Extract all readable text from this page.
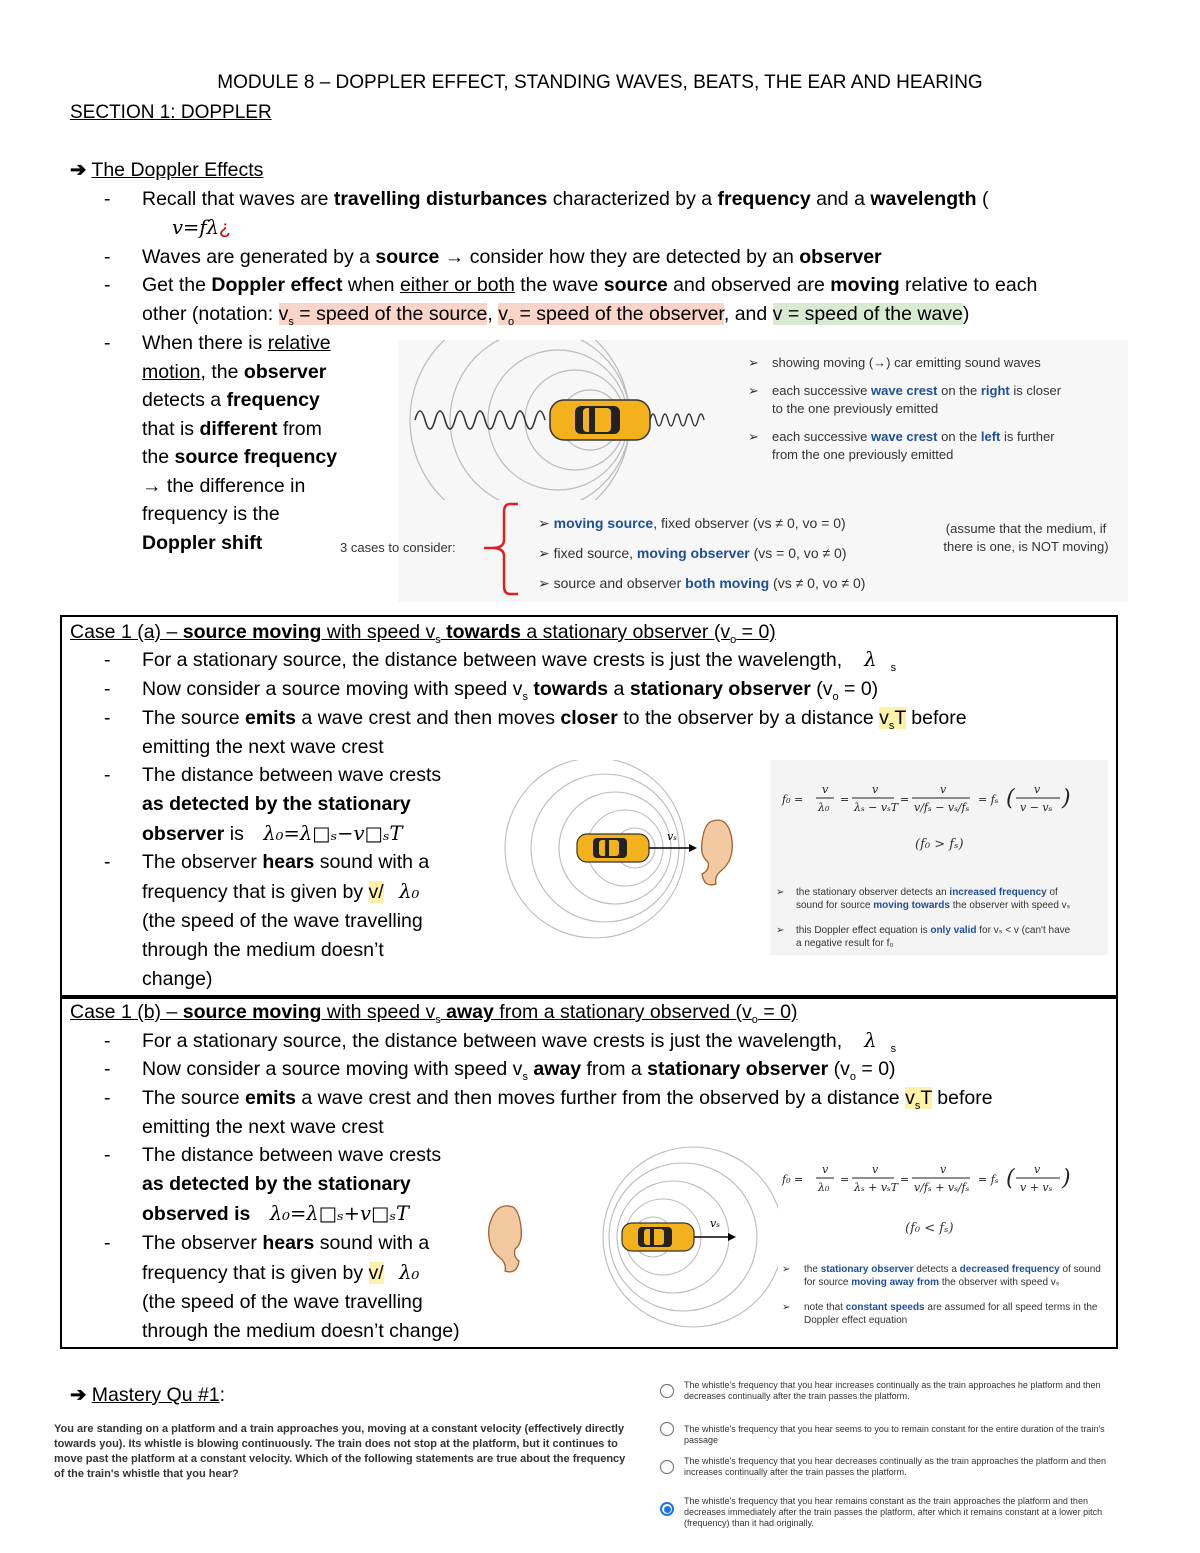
MODULE 8 – DOPPLER EFFECT, STANDING WAVES, BEATS, THE EAR AND HEARING
SECTION 1: DOPPLER
➔ The Doppler Effects
- Recall that waves are travelling disturbances characterized by a frequency and a wavelength (
v=fλ¿
- Waves are generated by a source → consider how they are detected by an observer
- Get the Doppler effect when either or both the wave source and observed are moving relative to each
other (notation: $v_s$ = speed of the source, $v_o$ = speed of the observer, and v = speed of the wave)
- When there is relative
motion, the observer
detects a frequency
that is different from
the source frequency
→ the difference in
frequency is the
Doppler shift
➢ showing moving (→) car emitting sound waves
➢ each successive wave crest on the right is closer
to the one previously emitted
➢ each successive wave crest on the left is further
from the one previously emitted
3 cases to consider:
➢ moving source, fixed observer (vs ≠ 0, vo = 0)
➢ fixed source, moving observer (vs = 0, vo ≠ 0)
➢ source and observer both moving (vs ≠ 0, vo ≠ 0)
(assume that the medium, if
there is one, is NOT moving)
Case 1 (a) – source moving with speed $v_s$ towards a stationary observer $(v_o = 0)$
- For a stationary source, the distance between wave crests is just the wavelength, λ $_s$
- Now consider a source moving with speed $v_s$ towards a stationary observer $(v_o = 0)$
- The source emits a wave crest and then moves closer to the observer by a distance $v_sT$ before
emitting the next wave crest
- The distance between wave crests
as detected by the stationary
observer is λ₀=λ□ₛ−v□ₛT
- The observer hears sound with a
frequency that is given by v/ λ₀
(the speed of the wave travelling
through the medium doesn’t
change)
vₛ
f₀ =
v
λ₀
=
v
λₛ − vₛT
=
v
v/fₛ − vₛ/fₛ
= fₛ ( v
v − vₛ )
(f₀ > fₛ)
➢ the stationary observer detects an increased frequency of
sound for source moving towards the observer with speed vₛ
➢ this Doppler effect equation is only valid for vₛ < v (can't have
a negative result for f₀
Case 1 (b) – source moving with speed $v_s$ away from a stationary observed $(v_o = 0)$
- For a stationary source, the distance between wave crests is just the wavelength, λ $_s$
- Now consider a source moving with speed $v_s$ away from a stationary observer $(v_o = 0)$
- The source emits a wave crest and then moves further from the observed by a distance $v_sT$ before
emitting the next wave crest
- The distance between wave crests
as detected by the stationary
observed is λ₀=λ□ₛ+v□ₛT
- The observer hears sound with a
frequency that is given by v/ λ₀
(the speed of the wave travelling
through the medium doesn’t change)
vₛ
f₀ =
v
λ₀
=
v
λₛ + vₛT
=
v
v/fₛ + vₛ/fₛ
= fₛ ( v
v + vₛ )
(f₀ < fₛ)
➢ the stationary observer detects a decreased frequency of sound
for source moving away from the observer with speed vₛ
➢ note that constant speeds are assumed for all speed terms in the
Doppler effect equation
➔ Mastery Qu #1:
You are standing on a platform and a train approaches you, moving at a constant velocity (effectively directly towards you). Its whistle is blowing continuously. The train does not stop at the platform, but it continues to move past the platform at a constant velocity. Which of the following statements are true about the frequency of the train's whistle that you hear?
The whistle's frequency that you hear increases continually as the train approaches he platform and then decreases continually after the train passes the platform.
The whistle's frequency that you hear seems to you to remain constant for the entire duration of the train's passage
The whistle's frequency that you hear decreases continually as the train approaches the platform and then increases continually after the train passes the platform.
The whistle's frequency that you hear remains constant as the train approaches the platform and then decreases immediately after the train passes the platform, after which it remains constant at a lower pitch (frequency) than it had originally.
